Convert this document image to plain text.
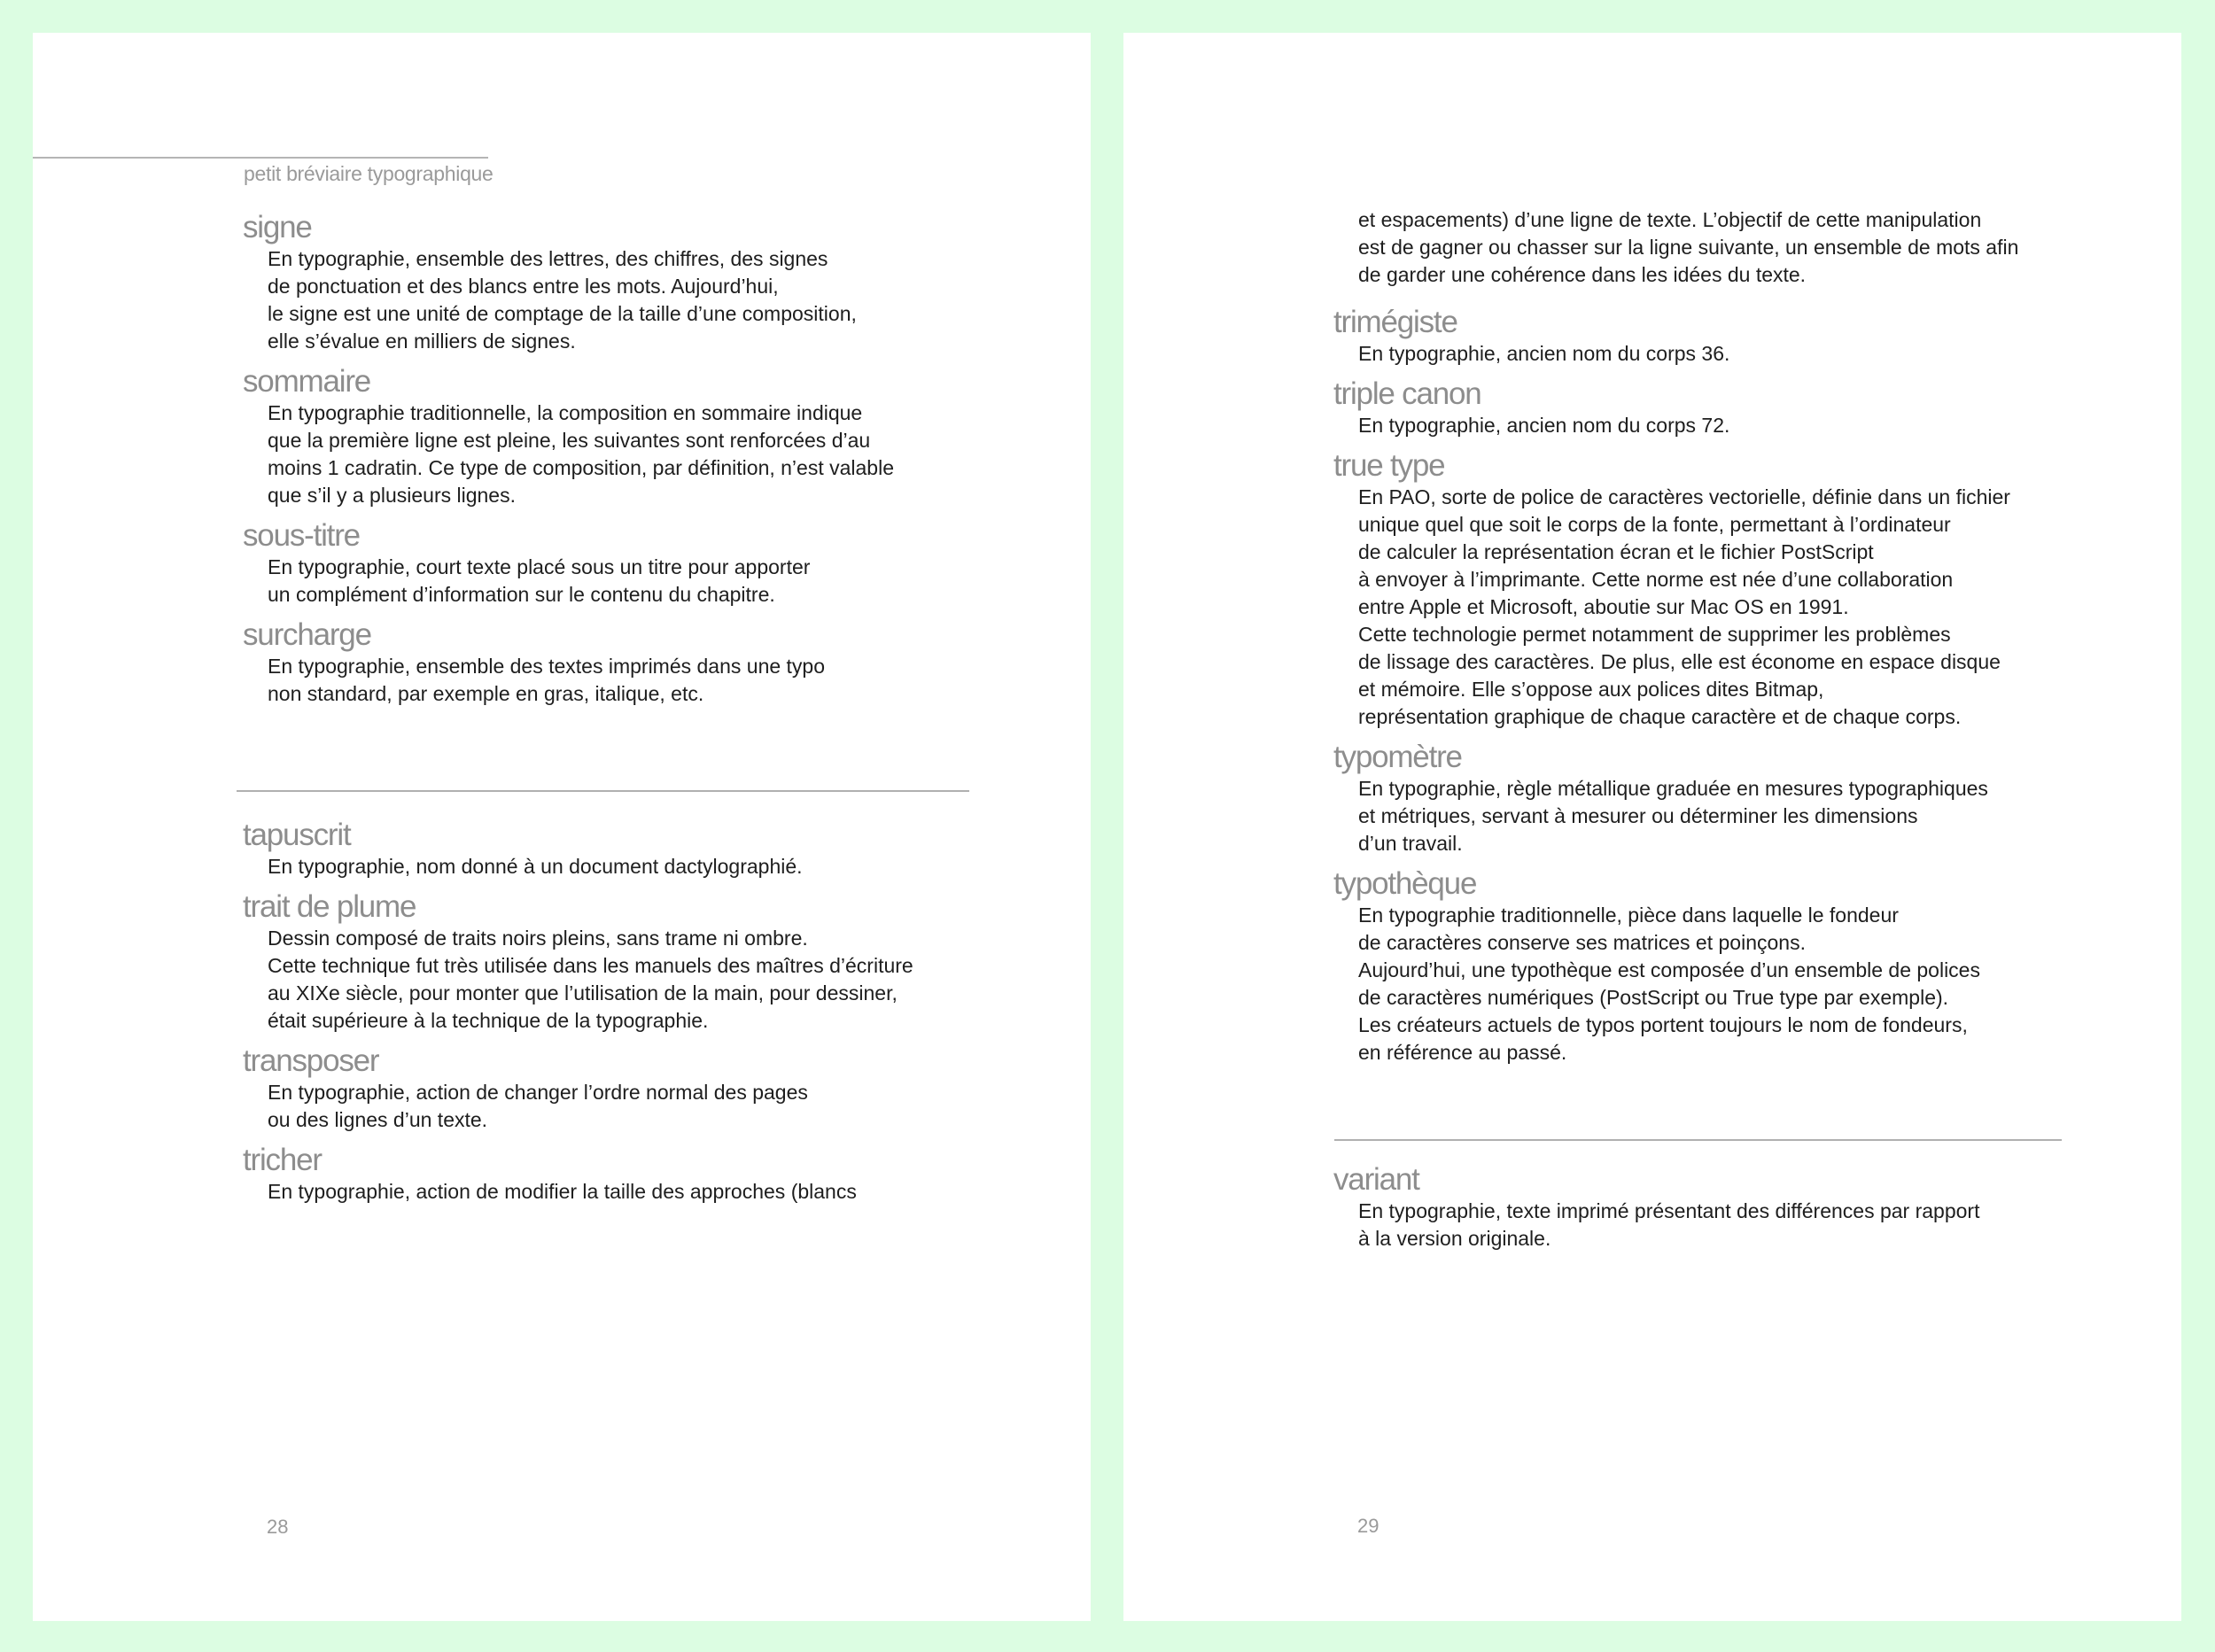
petit bréviaire typographique
signe
En typographie, ensemble des lettres, des chiffres, des signes
de ponctuation et des blancs entre les mots. Aujourd’hui,
le signe est une unité de comptage de la taille d’une composition,
elle s’évalue en milliers de signes.
sommaire
En typographie traditionnelle, la composition en sommaire indique
que la première ligne est pleine, les suivantes sont renforcées d’au
moins 1 cadratin. Ce type de composition, par définition, n’est valable
que s’il y a plusieurs lignes.
sous-titre
En typographie, court texte placé sous un titre pour apporter
un complément d’information sur le contenu du chapitre.
surcharge
En typographie, ensemble des textes imprimés dans une typo
non standard, par exemple en gras, italique, etc.
tapuscrit
En typographie, nom donné à un document dactylographié.
trait de plume
Dessin composé de traits noirs pleins, sans trame ni ombre.
Cette technique fut très utilisée dans les manuels des maîtres d’écriture
au XIXe siècle, pour monter que l’utilisation de la main, pour dessiner,
était supérieure à la technique de la typographie.
transposer
En typographie, action de changer l’ordre normal des pages
ou des lignes d’un texte.
tricher
En typographie, action de modifier la taille des approches (blancs
28
et espacements) d’une ligne de texte. L’objectif de cette manipulation
est de gagner ou chasser sur la ligne suivante, un ensemble de mots afin
de garder une cohérence dans les idées du texte.
trimégiste
En typographie, ancien nom du corps 36.
triple canon
En typographie, ancien nom du corps 72.
true type
En PAO, sorte de police de caractères vectorielle, définie dans un fichier
unique quel que soit le corps de la fonte, permettant à l’ordinateur
de calculer la représentation écran et le fichier PostScript
à envoyer à l’imprimante. Cette norme est née d’une collaboration
entre Apple et Microsoft, aboutie sur Mac OS en 1991.
Cette technologie permet notamment de supprimer les problèmes
de lissage des caractères. De plus, elle est économe en espace disque
et mémoire. Elle s’oppose aux polices dites Bitmap,
représentation graphique de chaque caractère et de chaque corps.
typomètre
En typographie, règle métallique graduée en mesures typographiques
et métriques, servant à mesurer ou déterminer les dimensions
d’un travail.
typothèque
En typographie traditionnelle, pièce dans laquelle le fondeur
de caractères conserve ses matrices et poinçons.
Aujourd’hui, une typothèque est composée d’un ensemble de polices
de caractères numériques (PostScript ou True type par exemple).
Les créateurs actuels de typos portent toujours le nom de fondeurs,
en référence au passé.
variant
En typographie, texte imprimé présentant des différences par rapport
à la version originale.
29
